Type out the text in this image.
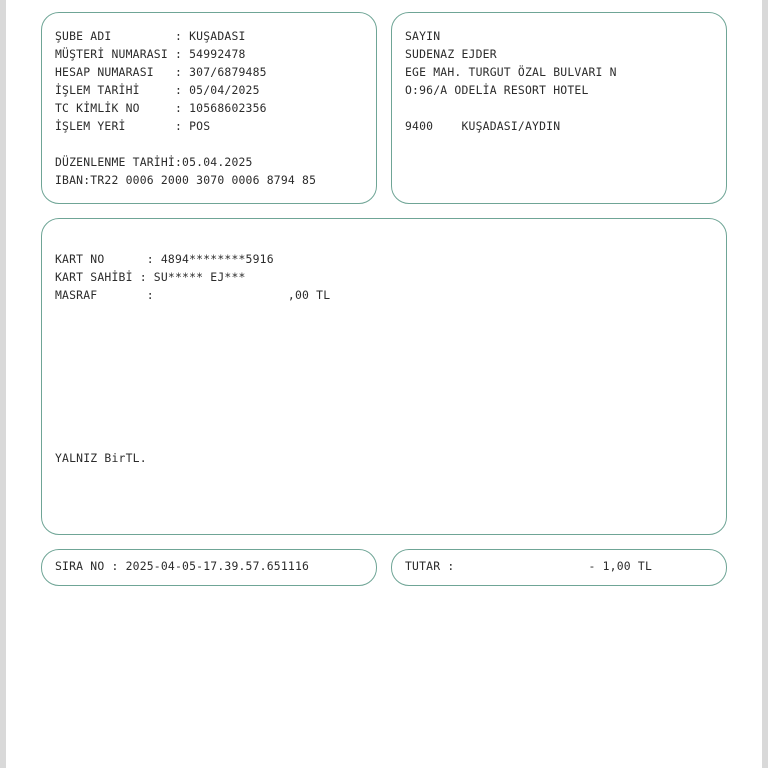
ŞUBE ADI         : KUŞADASI
MÜŞTERİ NUMARASI : 54992478
HESAP NUMARASI   : 307/6879485
İŞLEM TARİHİ     : 05/04/2025
TC KİMLİK NO     : 10568602356
İŞLEM YERİ       : POS
DÜZENLENME TARİHİ:05.04.2025
IBAN:TR22 0006 2000 3070 0006 8794 85
SAYIN
SUDENAZ EJDER
EGE MAH. TURGUT ÖZAL BULVARI N
O:96/A ODELİA RESORT HOTEL
9400    KUŞADASI/AYDIN
KART NO      : 4894********5916
KART SAHİBİ : SU***** EJ***
MASRAF       :                   ,00 TL
YALNIZ BirTL.
SIRA NO : 2025-04-05-17.39.57.651116	TUTAR :                   - 1,00 TL
